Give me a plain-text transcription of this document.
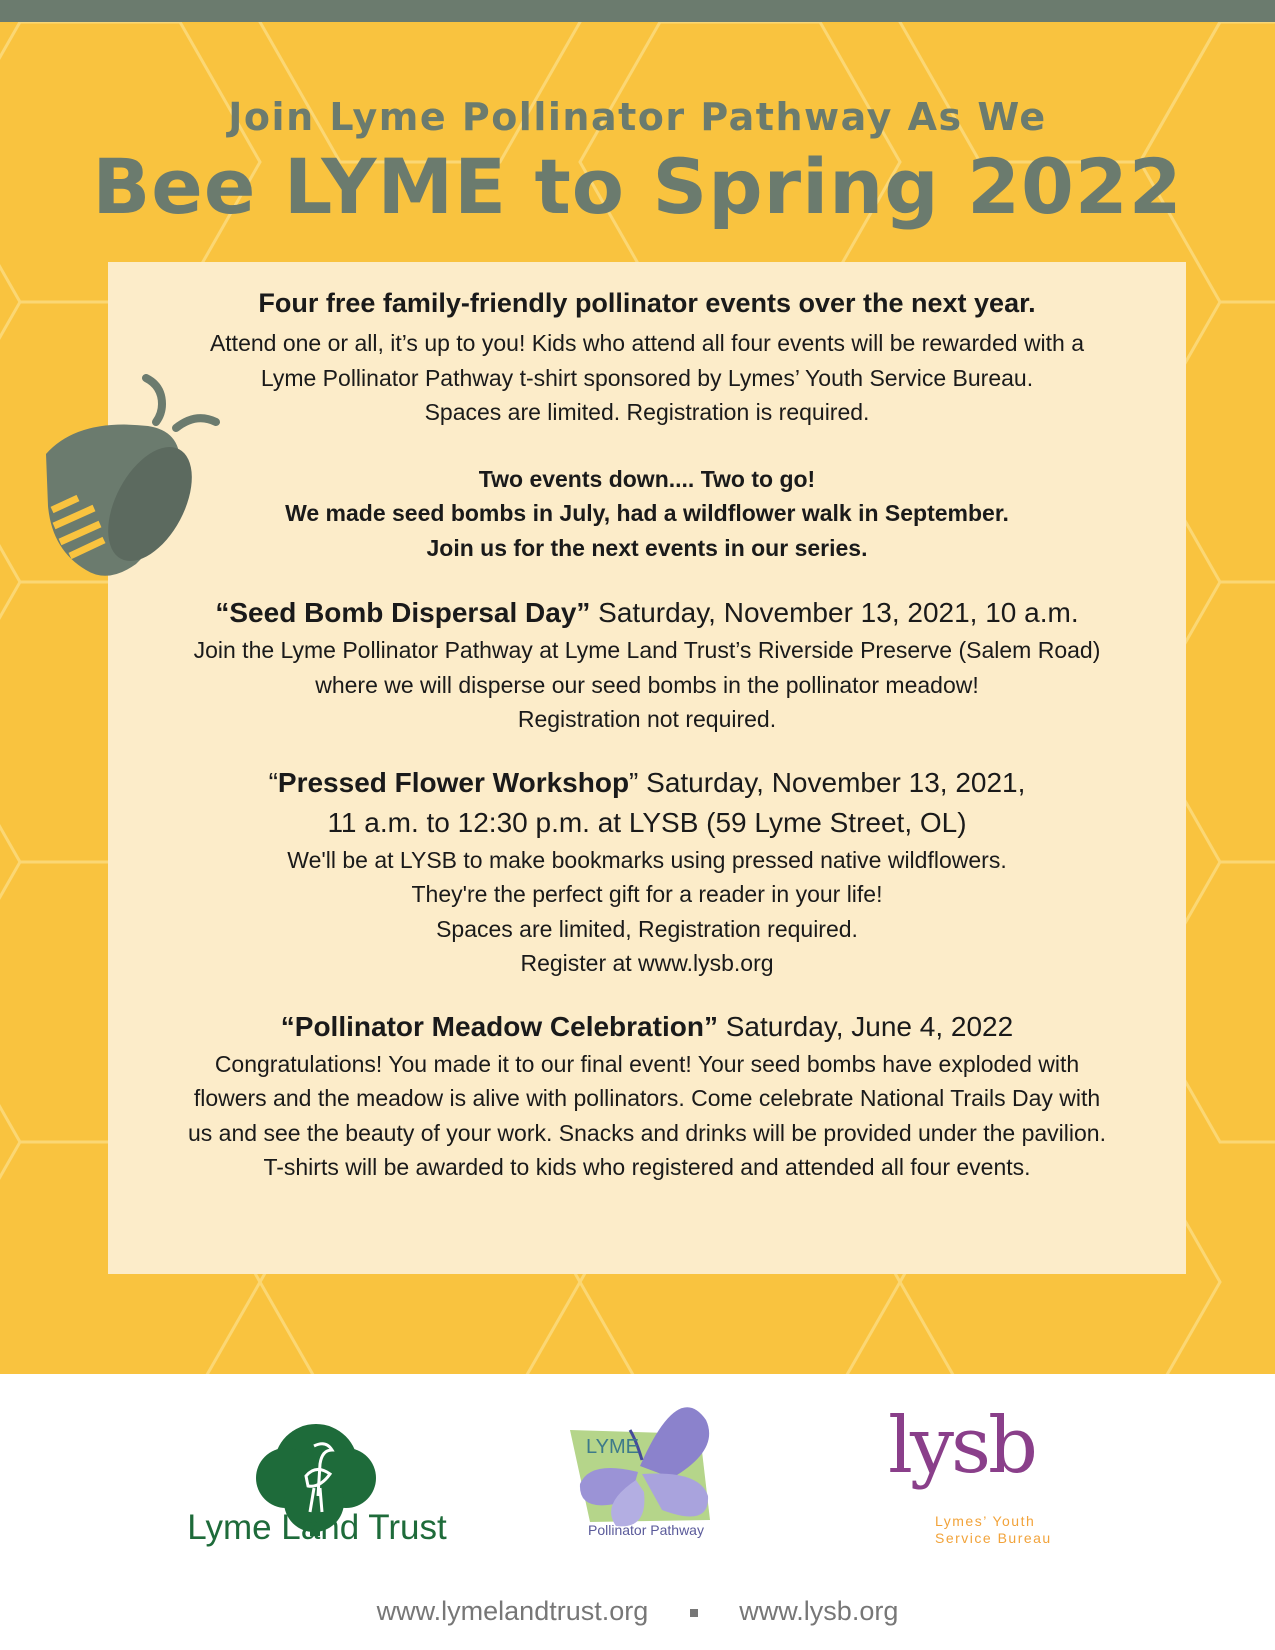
Join Lyme Pollinator Pathway As We
Bee LYME to Spring 2022

Four free family-friendly pollinator events over the next year.

Attend one or all, it’s up to you! Kids who attend all four events will be rewarded with a

Lyme Pollinator Pathway t-shirt sponsored by Lymes’ Youth Service Bureau.

Spaces are limited. Registration is required.

Two events down.... Two to go!

We made seed bombs in July, had a wildflower walk in September.

Join us for the next events in our series.

“Seed Bomb Dispersal Day” Saturday, November 13, 2021, 10 a.m.

Join the Lyme Pollinator Pathway at Lyme Land Trust’s Riverside Preserve (Salem Road)

where we will disperse our seed bombs in the pollinator meadow!

Registration not required.

“Pressed Flower Workshop” Saturday, November 13, 2021,

11 a.m. to 12:30 p.m. at LYSB (59 Lyme Street, OL)

We'll be at LYSB to make bookmarks using pressed native wildflowers.

They're the perfect gift for a reader in your life!

Spaces are limited, Registration required.

Register at www.lysb.org

“Pollinator Meadow Celebration” Saturday, June 4, 2022

Congratulations! You made it to our final event! Your seed bombs have exploded with

flowers and the meadow is alive with pollinators. Come celebrate National Trails Day with

us and see the beauty of your work. Snacks and drinks will be provided under the pavilion.

T-shirts will be awarded to kids who registered and attended all four events.

Lyme Land Trust
LYME
Pollinator Pathway
lysb
Lymes’ Youth
Service Bureau
www.lymelandtrust.org	www.lysb.org
